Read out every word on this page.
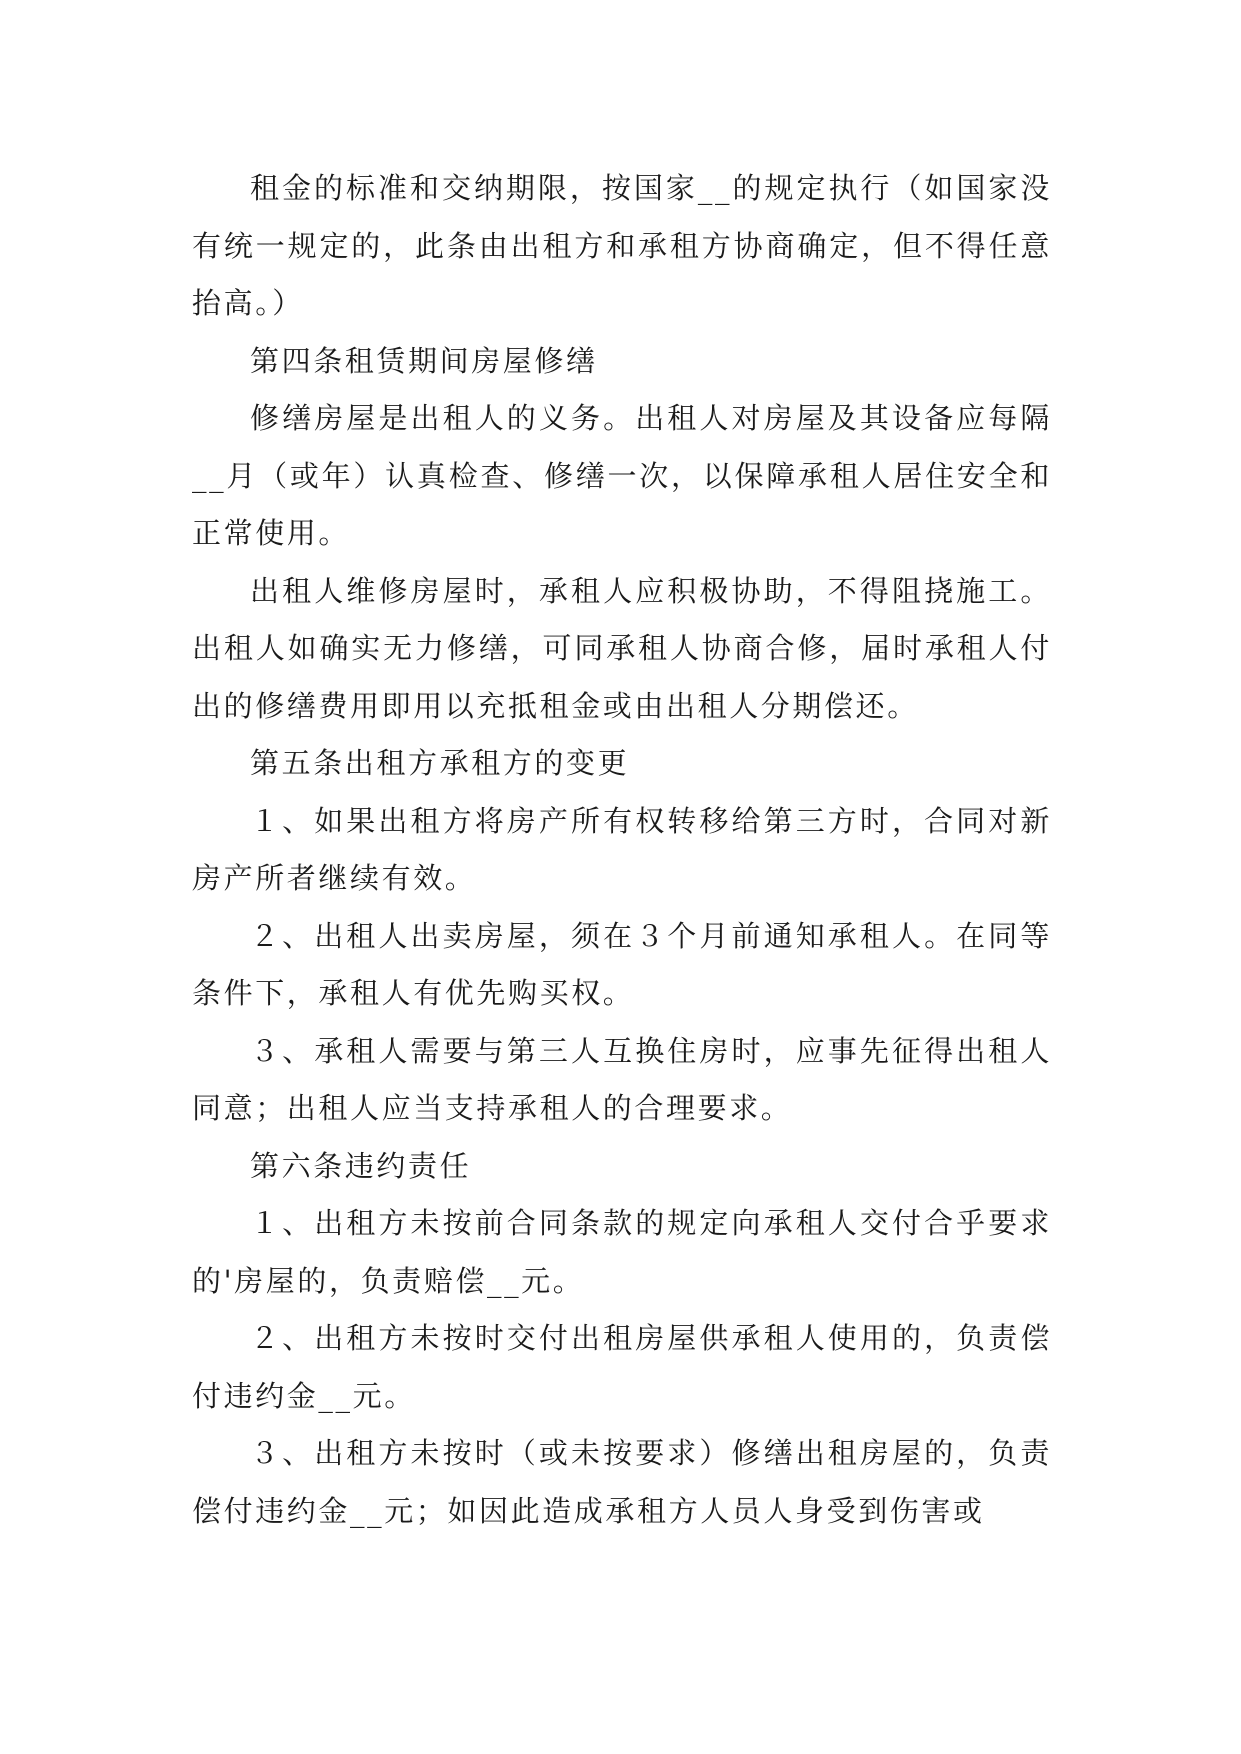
租金的标准和交纳期限，按国家__的规定执行（如国家没有统一规定的，此条由出租方和承租方协商确定，但不得任意抬高。）

第四条租赁期间房屋修缮

修缮房屋是出租人的义务。出租人对房屋及其设备应每隔__月（或年）认真检查、修缮一次，以保障承租人居住安全和正常使用。

出租人维修房屋时，承租人应积极协助，不得阻挠施工。出租人如确实无力修缮，可同承租人协商合修，届时承租人付出的修缮费用即用以充抵租金或由出租人分期偿还。

第五条出租方承租方的变更

１、如果出租方将房产所有权转移给第三方时，合同对新房产所者继续有效。

２、出租人出卖房屋，须在３个月前通知承租人。在同等条件下，承租人有优先购买权。

３、承租人需要与第三人互换住房时，应事先征得出租人同意；出租人应当支持承租人的合理要求。

第六条违约责任

１、出租方未按前合同条款的规定向承租人交付合乎要求的'房屋的，负责赔偿__元。

２、出租方未按时交付出租房屋供承租人使用的，负责偿付违约金__元。

３、出租方未按时（或未按要求）修缮出租房屋的，负责偿付违约金__元；如因此造成承租方人员人身受到伤害或
